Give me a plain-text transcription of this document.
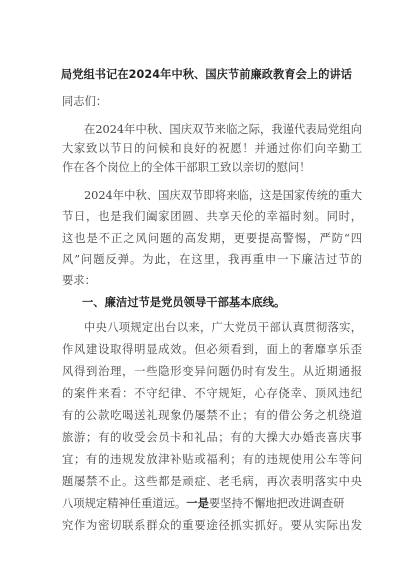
局党组书记在2024年中秋、国庆节前廉政教育会上的讲话
同志们：
在2024年中秋、国庆双节来临之际，我谨代表局党组向
大家致以节日的问候和良好的祝愿！并通过你们向辛勤工
作在各个岗位上的全体干部职工致以亲切的慰问！
2024年中秋、国庆双节即将来临，这是国家传统的重大
节日，也是我们阖家团圆、共享天伦的幸福时刻。同时，
这也是不正之风问题的高发期，更要提高警惕，严防“四
风”问题反弹。为此，在这里，我再重申一下廉洁过节的
要求：
一、廉洁过节是党员领导干部基本底线。
中央八项规定出台以来，广大党员干部认真贯彻落实，
作风建设取得明显成效。但必须看到，面上的奢靡享乐歪
风得到治理，一些隐形变异问题仍时有发生。从近期通报
的案件来看：不守纪律、不守规矩，心存侥幸、顶风违纪
有的公款吃喝送礼现象仍屡禁不止；有的借公务之机绕道
旅游；有的收受会员卡和礼品；有的大操大办婚丧喜庆事
宜；有的违规发放津补贴或福利；有的违规使用公车等问
题屡禁不止。这些都是顽症、老毛病，再次表明落实中央
八项规定精神任重道远。一是要坚持不懈地把改进调查研
究作为密切联系群众的重要途径抓实抓好。要从实际出发
